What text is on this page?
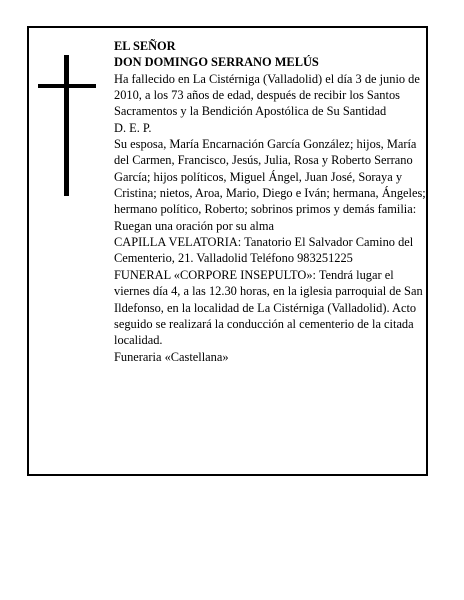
EL SEÑOR

DON DOMINGO SERRANO MELÚS

Ha fallecido en La Cistérniga (Valladolid) el día 3 de junio de 2010, a los 73 años de edad, después de recibir los Santos Sacramentos y la Bendición Apostólica de Su Santidad

D. E. P.

Su esposa, María Encarnación García González; hijos, María del Carmen, Francisco, Jesús, Julia, Rosa y Roberto Serrano García; hijos políticos, Miguel Ángel, Juan José, Soraya y Cristina; nietos, Aroa, Mario, Diego e Iván; hermana, Ángeles; hermano político, Roberto; sobrinos primos y demás familia:

Ruegan una oración por su alma

CAPILLA VELATORIA: Tanatorio El Salvador Camino del Cementerio, 21. Valladolid Teléfono 983251225

FUNERAL «CORPORE INSEPULTO»: Tendrá lugar el viernes día 4, a las 12.30 horas, en la iglesia parroquial de San Ildefonso, en la localidad de La Cistérniga (Valladolid). Acto seguido se realizará la conducción al cementerio de la citada localidad.

Funeraria «Castellana»
